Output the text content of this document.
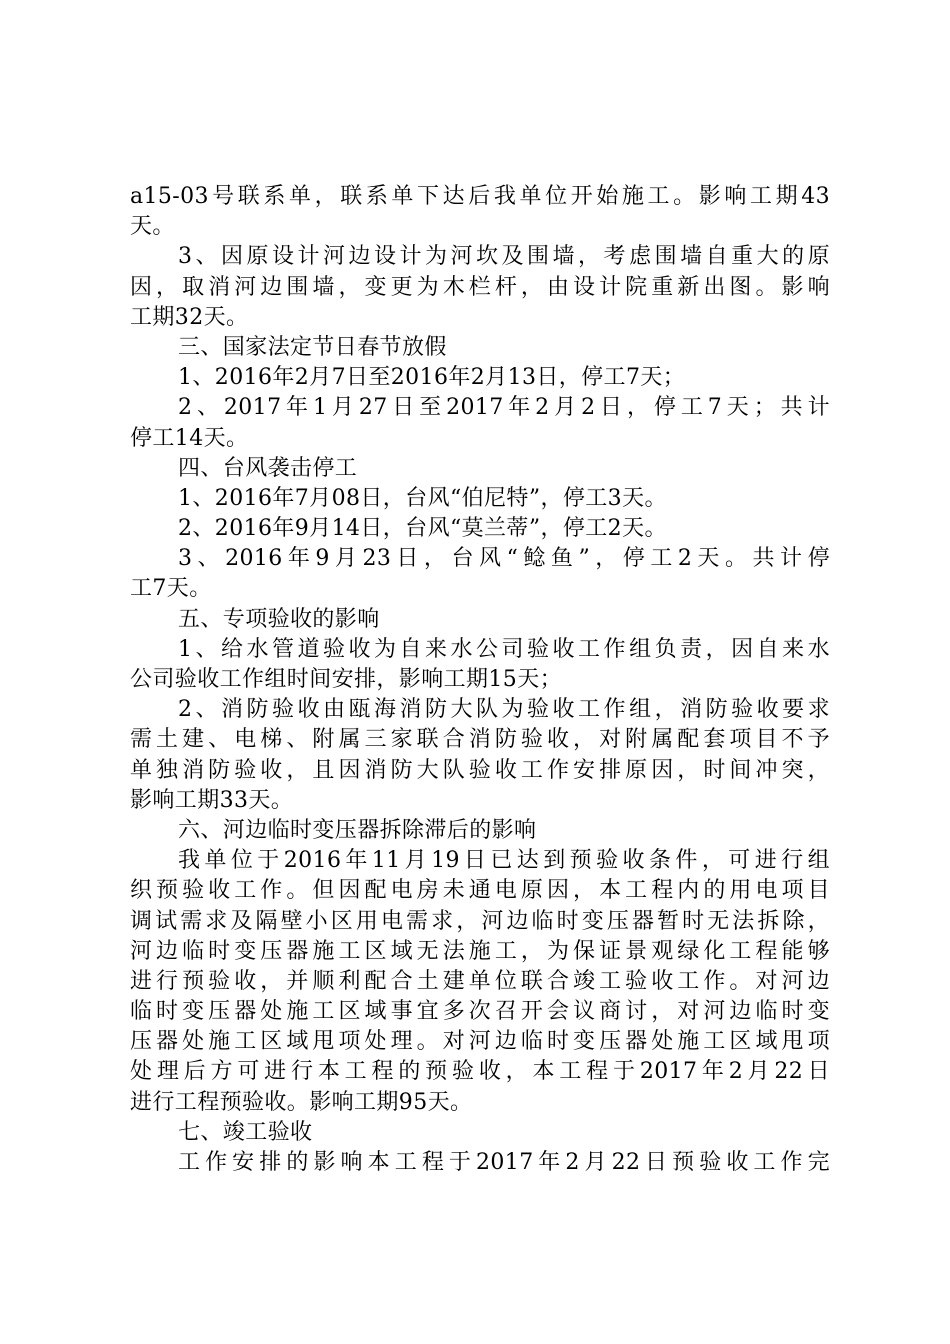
a15-03号联系单，联系单下达后我单位开始施工。影响工期43
天。
3、因原设计河边设计为河坎及围墙，考虑围墙自重大的原
因，取消河边围墙，变更为木栏杆，由设计院重新出图。影响
工期32天。
三、国家法定节日春节放假
1、2016年2月7日至2016年2月13日，停工7天；
2、2017年1月27日至2017年2月2日，停工7天；共计
停工14天。
四、台风袭击停工
1、2016年7月08日，台风“伯尼特”，停工3天。
2、2016年9月14日，台风“莫兰蒂”，停工2天。
3、2016年9月23日，台风“鲶鱼”，停工2天。共计停
工7天。
五、专项验收的影响
1、给水管道验收为自来水公司验收工作组负责，因自来水
公司验收工作组时间安排，影响工期15天；
2、消防验收由瓯海消防大队为验收工作组，消防验收要求
需土建、电梯、附属三家联合消防验收，对附属配套项目不予
单独消防验收，且因消防大队验收工作安排原因，时间冲突，
影响工期33天。
六、河边临时变压器拆除滞后的影响
我单位于2016年11月19日已达到预验收条件，可进行组
织预验收工作。但因配电房未通电原因，本工程内的用电项目
调试需求及隔壁小区用电需求，河边临时变压器暂时无法拆除，
河边临时变压器施工区域无法施工，为保证景观绿化工程能够
进行预验收，并顺利配合土建单位联合竣工验收工作。对河边
临时变压器处施工区域事宜多次召开会议商讨，对河边临时变
压器处施工区域甩项处理。对河边临时变压器处施工区域甩项
处理后方可进行本工程的预验收，本工程于2017年2月22日
进行工程预验收。影响工期95天。
七、竣工验收
工作安排的影响本工程于2017年2月22日预验收工作完
